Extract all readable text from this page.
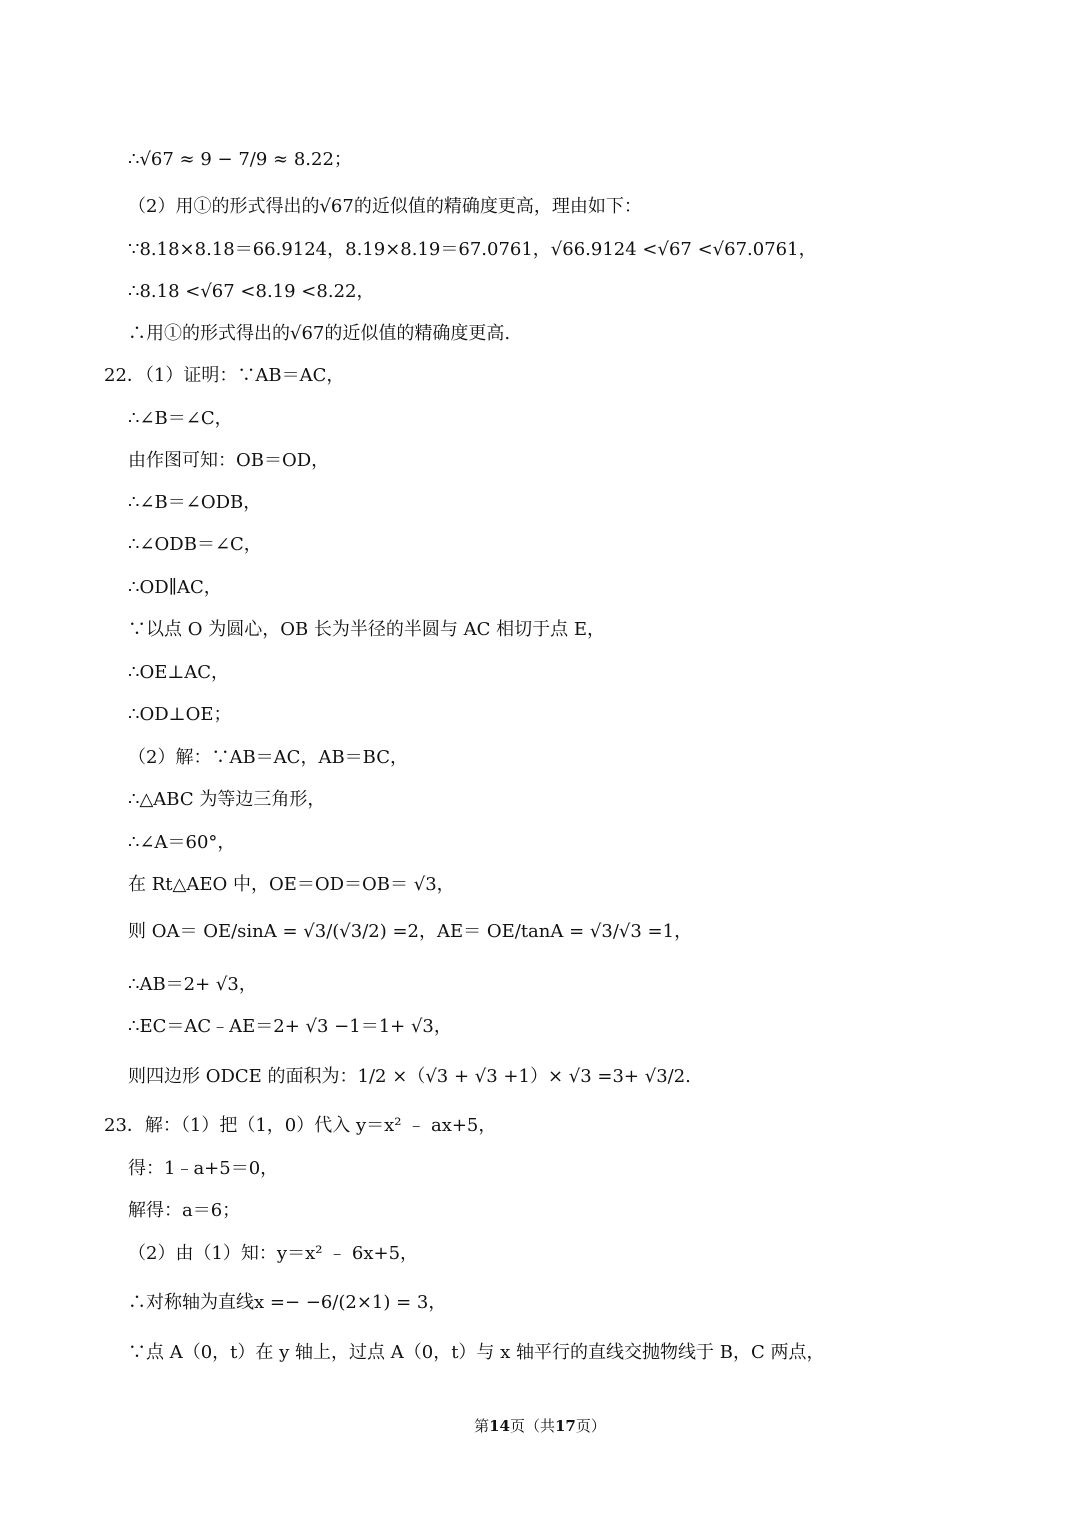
∴√67 ≈ 9 − 7/9 ≈ 8.22；
（2）用①的形式得出的√67的近似值的精确度更高，理由如下：
∵8.18×8.18＝66.9124，8.19×8.19＝67.0761，√66.9124 <√67 <√67.0761，
∴8.18 <√67 <8.19 <8.22，
∴用①的形式得出的√67的近似值的精确度更高.
22．（1）证明：∵AB＝AC，
∴∠B＝∠C，
由作图可知：OB＝OD，
∴∠B＝∠ODB，
∴∠ODB＝∠C，
∴OD∥AC，
∵以点 O 为圆心，OB 长为半径的半圆与 AC 相切于点 E，
∴OE⊥AC，
∴OD⊥OE；
（2）解：∵AB＝AC，AB＝BC，
∴△ABC 为等边三角形，
∴∠A＝60°，
在 Rt△AEO 中，OE＝OD＝OB＝ √3，
则 OA＝ OE/sinA = √3/(√3/2) =2，AE＝ OE/tanA = √3/√3 =1，
∴AB＝2+ √3，
∴EC＝AC﹣AE＝2+ √3 −1＝1+ √3，
则四边形 ODCE 的面积为：1/2 ×（√3 + √3 +1）× √3 =3+ √3/2.
23．解：（1）把（1，0）代入 y＝x² ﹣ ax+5，
得：1﹣a+5＝0，
解得：a＝6；
（2）由（1）知：y＝x² ﹣ 6x+5，
∴对称轴为直线x =− −6/(2×1) = 3，
∵点 A（0，t）在 y 轴上，过点 A（0，t）与 x 轴平行的直线交抛物线于 B，C 两点，
第14页（共17页）
